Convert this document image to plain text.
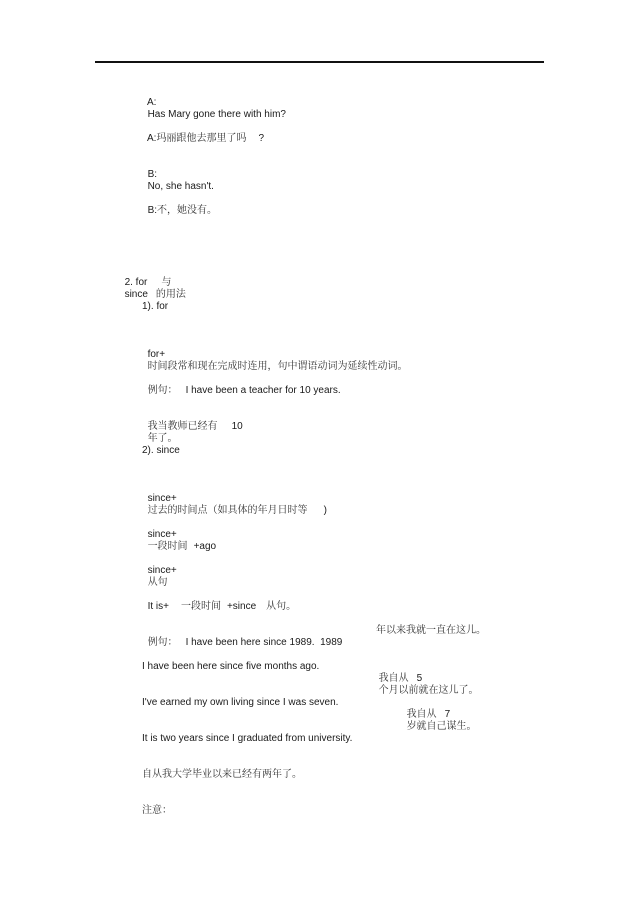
A:
Has Mary gone there with him?

A:玛丽跟他去那里了吗 ?

B:
No, she hasn't.

B:不，她没有。

2. for 与
since 的用法

1). for

for+
时间段常和现在完成时连用，句中谓语动词为延续性动词。

例句： I have been a teacher for 10 years.

我当教师已经有 10
年了。

2). since

since+
过去的时间点（如具体的年月日时等 )

since+
一段时间 +ago

since+
从句

It is+ 一段时间 +since 从句。

例句： I have been here since 1989.  1989

年以来我就一直在这儿。
I have been here since five months ago.

我自从 5
个月以前就在这儿了。

I've earned my own living since I was seven.

我自从 7
岁就自己谋生。

It is two years since I graduated from university.
自从我大学毕业以来已经有两年了。
注意：
